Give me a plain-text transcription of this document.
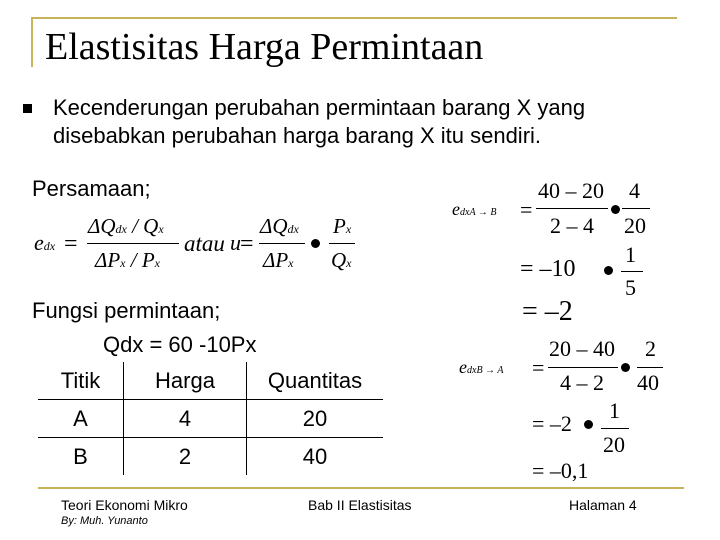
Elastisitas Harga Permintaan
Kecenderungan perubahan permintaan barang X yang disebabkan perubahan harga barang X itu sendiri.
Persamaan;
edx =
ΔQdx / Qx
ΔPx / Px
atau u =
ΔQdx
ΔPx
Px
Qx
Fungsi permintaan;
Qdx = 60 -10Px
Titik	Harga	Quantitas
A	4	20
B	2	40
edxA → B =
40 – 20
2 – 4
4
20
= –10
1
5
= –2
edxB → A =
20 – 40
4 – 2
2
40
= –2
1
20
= –0,1
Teori Ekonomi Mikro	Bab II Elastisitas	Halaman 4
By: Muh. Yunanto
